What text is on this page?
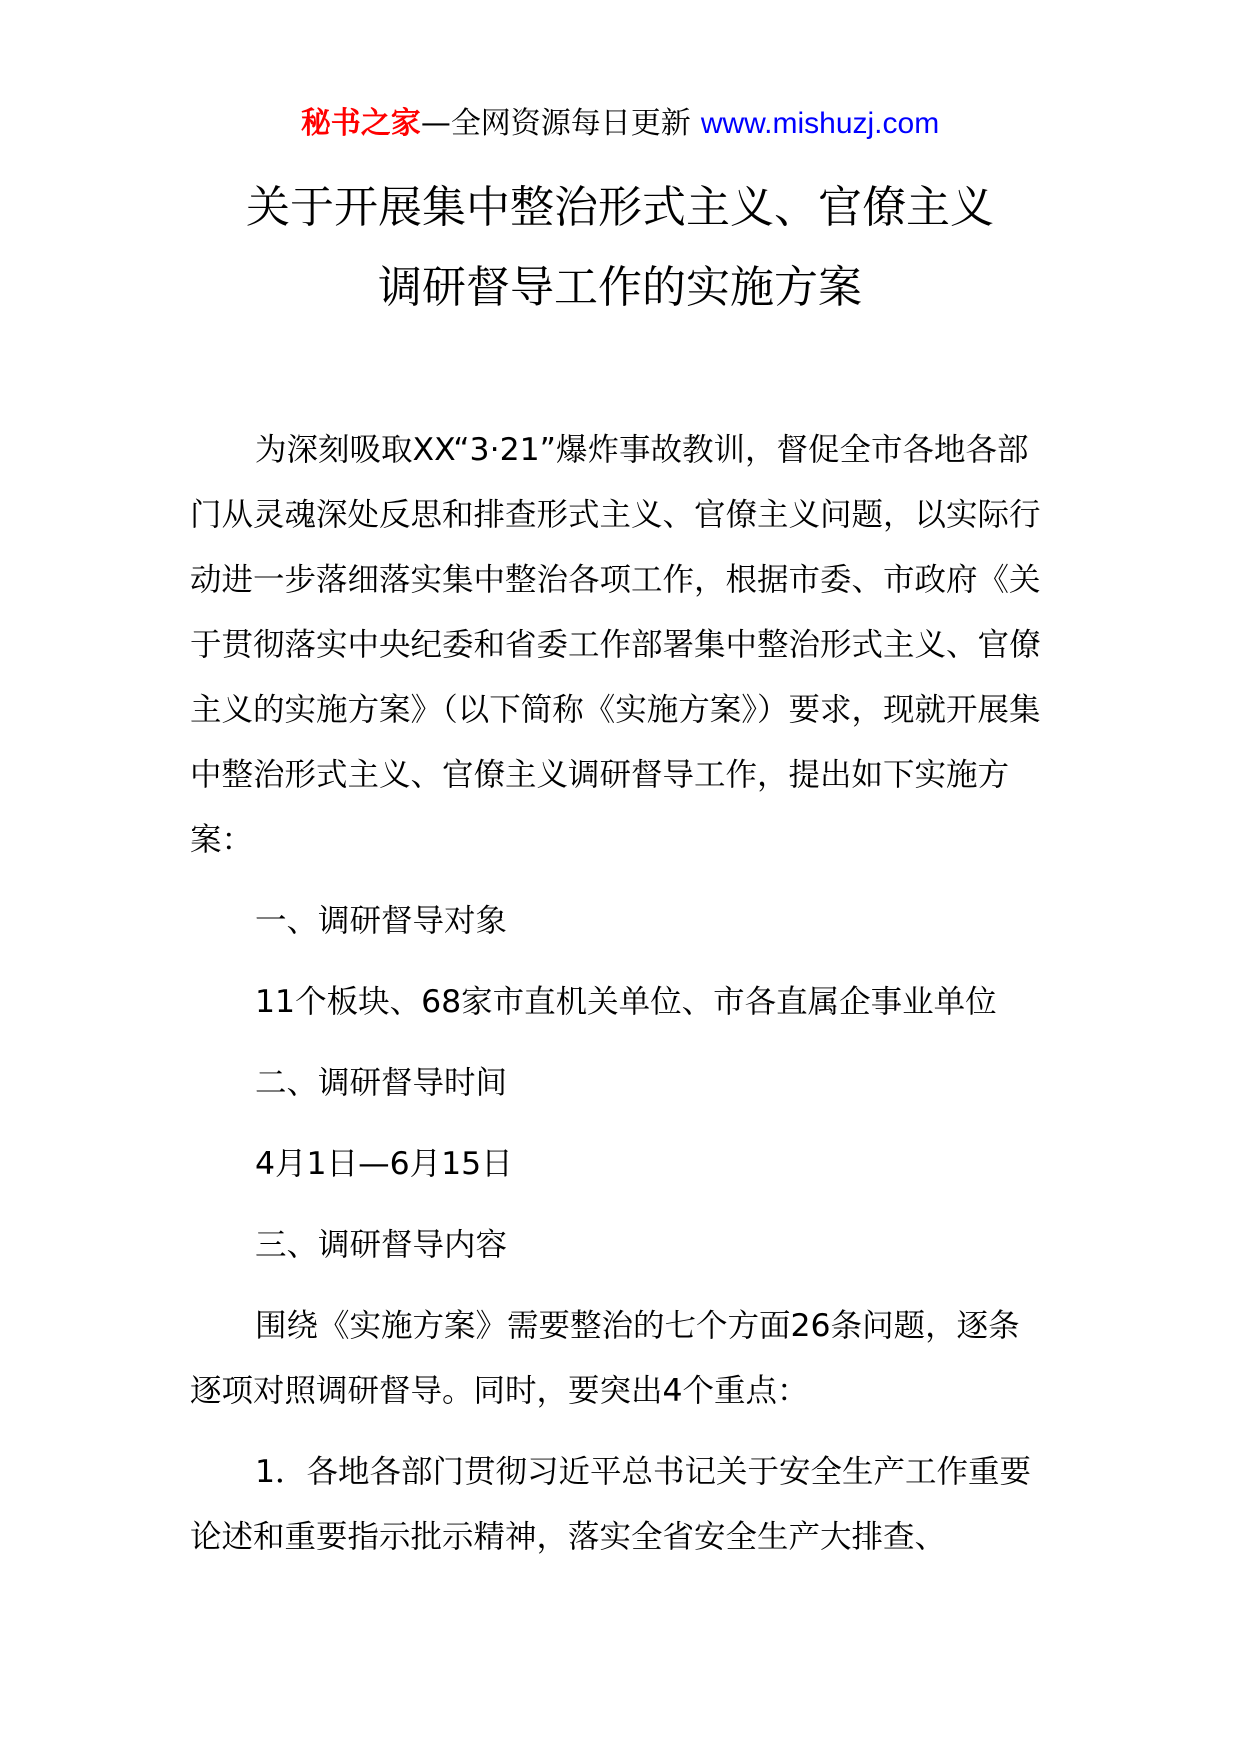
秘书之家—全网资源每日更新 www.mishuzj.com
关于开展集中整治形式主义、官僚主义
调研督导工作的实施方案

为深刻吸取XX“3·21”爆炸事故教训，督促全市各地各部门从灵魂深处反思和排查形式主义、官僚主义问题，以实际行动进一步落细落实集中整治各项工作，根据市委、市政府《关于贯彻落实中央纪委和省委工作部署集中整治形式主义、官僚主义的实施方案》（以下简称《实施方案》）要求，现就开展集中整治形式主义、官僚主义调研督导工作，提出如下实施方案：

一、调研督导对象

11个板块、68家市直机关单位、市各直属企事业单位

二、调研督导时间

4月1日—6月15日

三、调研督导内容

围绕《实施方案》需要整治的七个方面26条问题，逐条逐项对照调研督导。同时，要突出4个重点：

1．各地各部门贯彻习近平总书记关于安全生产工作重要论述和重要指示批示精神，落实全省安全生产大排查、
